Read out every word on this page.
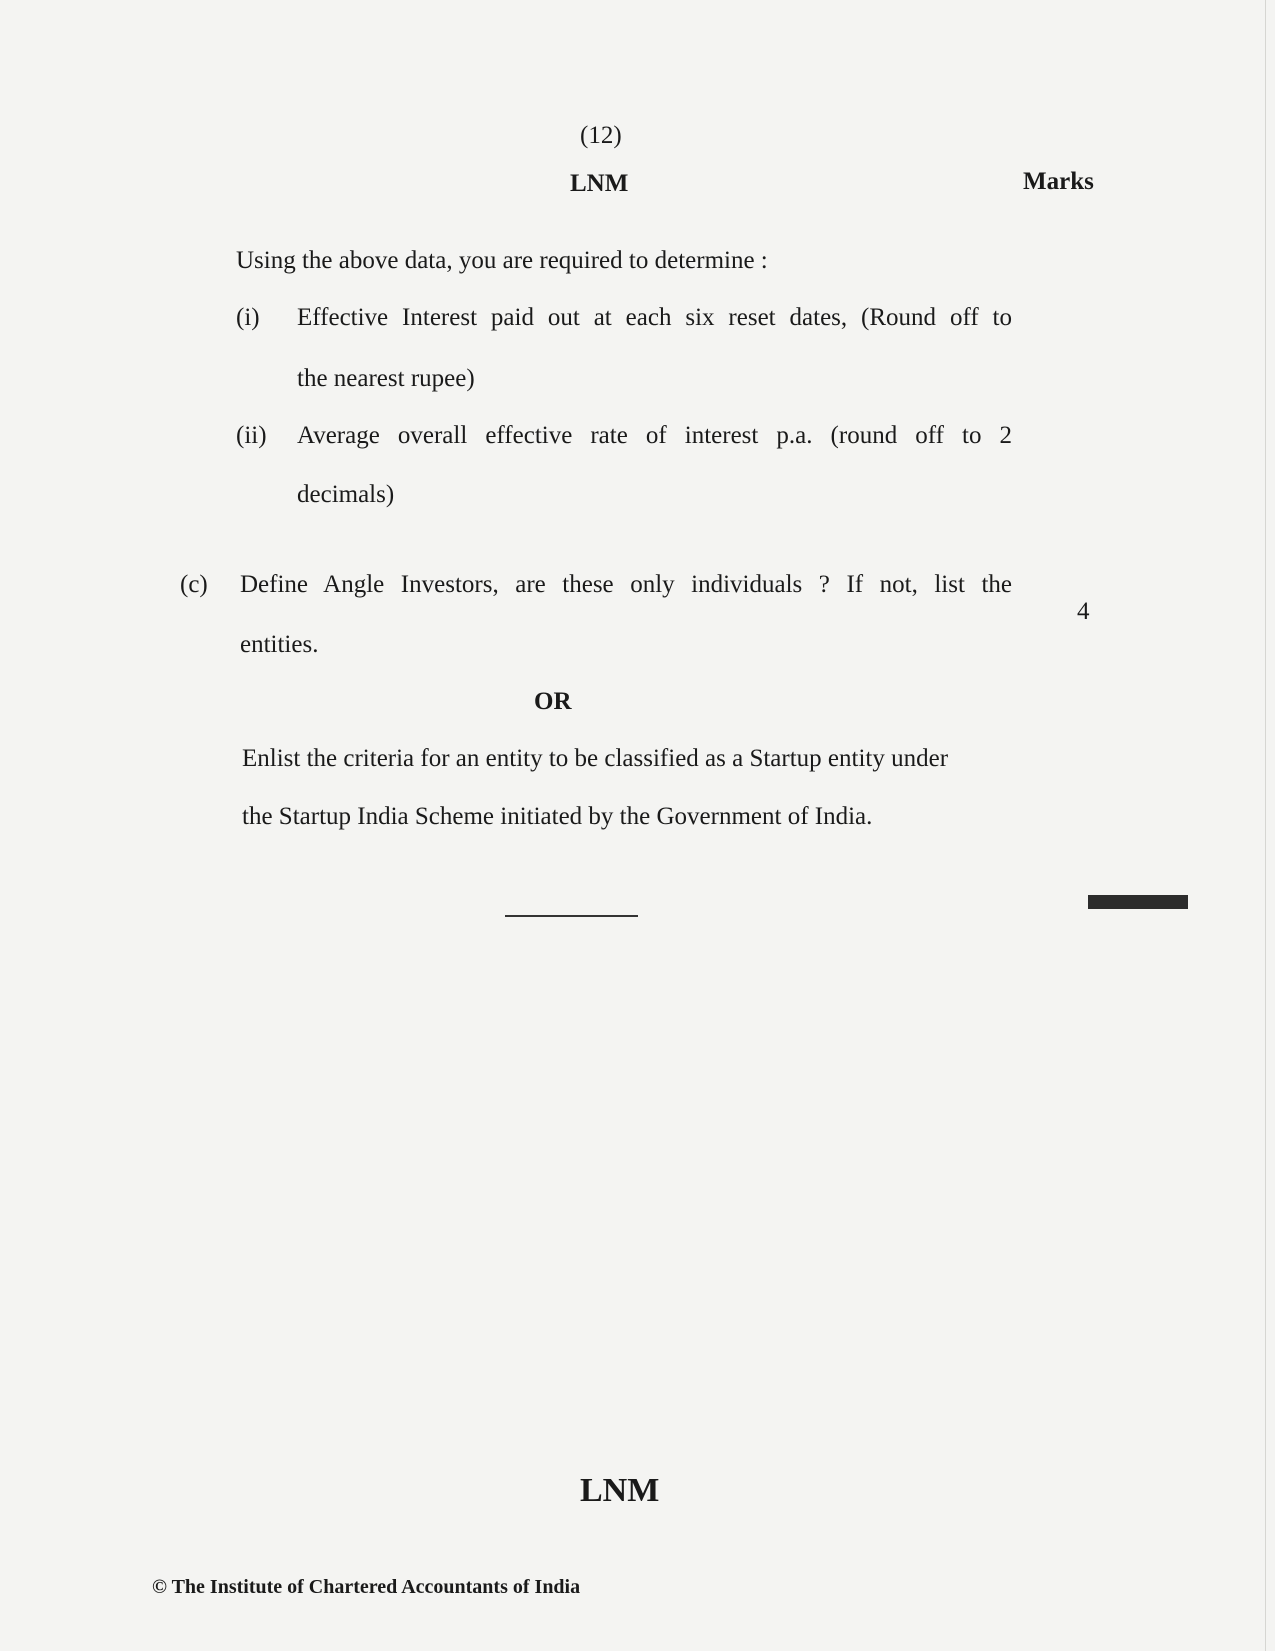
(12)

LNM	Marks

Using the above data, you are required to determine :

(i) Effective Interest paid out at each six reset dates, (Round off to

the nearest rupee)

(ii) Average overall effective rate of interest p.a. (round off to 2

decimals)

(c) Define Angle Investors, are these only individuals ? If not, list the

entities.

4

OR

Enlist the criteria for an entity to be classified as a Startup entity under

the Startup India Scheme initiated by the Government of India.

LNM

© The Institute of Chartered Accountants of India
